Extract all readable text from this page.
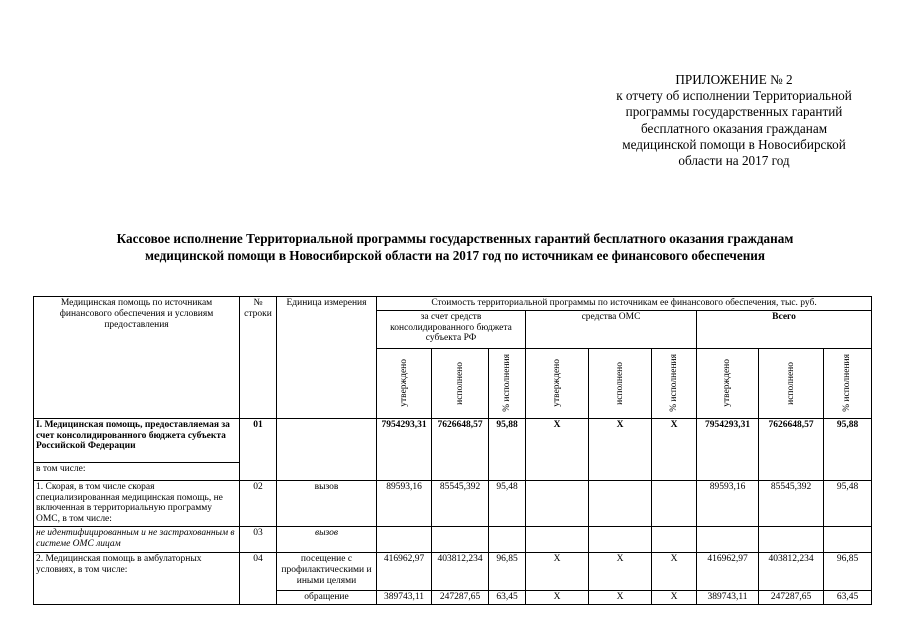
ПРИЛОЖЕНИЕ № 2
к отчету об исполнении Территориальной
программы государственных гарантий
бесплатного оказания гражданам
медицинской помощи в Новосибирской
области на 2017 год
Кассовое исполнение Территориальной программы государственных гарантий бесплатного оказания гражданам
медицинской помощи в Новосибирской области на 2017 год по источникам ее финансового обеспечения
Медицинская помощь по источникам финансового обеспечения и условиям предоставления	№ строки	Единица измерения	Стоимость территориальной программы по источникам ее финансового обеспечения, тыс. руб.								
			за счет средств консолидированного бюджета субъекта РФ			средства ОМС			Всего		

			утверждено	исполнено	% исполнения	утверждено	исполнено	% исполнения	утверждено	исполнено	% исполнения

I. Медицинская помощь, предоставляемая за счет консолидированного бюджета субъекта Российской Федерации	01		7954293,31	7626648,57	95,88	X	X	X	7954293,31	7626648,57	95,88
в том числе:											
1. Скорая, в том числе скорая специализированная медицинская помощь, не включенная в территориальную программу ОМС, в том числе:	02	вызов	89593,16	85545,392	95,48				89593,16	85545,392	95,48
не идентифицированным и не застрахованным в системе ОМС лицам	03	вызов									
2. Медицинская помощь в амбулаторных условиях, в том числе:	04	посещение с профилактическими и иными целями	416962,97	403812,234	96,85	X	X	X	416962,97	403812,234	96,85
		обращение	389743,11	247287,65	63,45	X	X	X	389743,11	247287,65	63,45
